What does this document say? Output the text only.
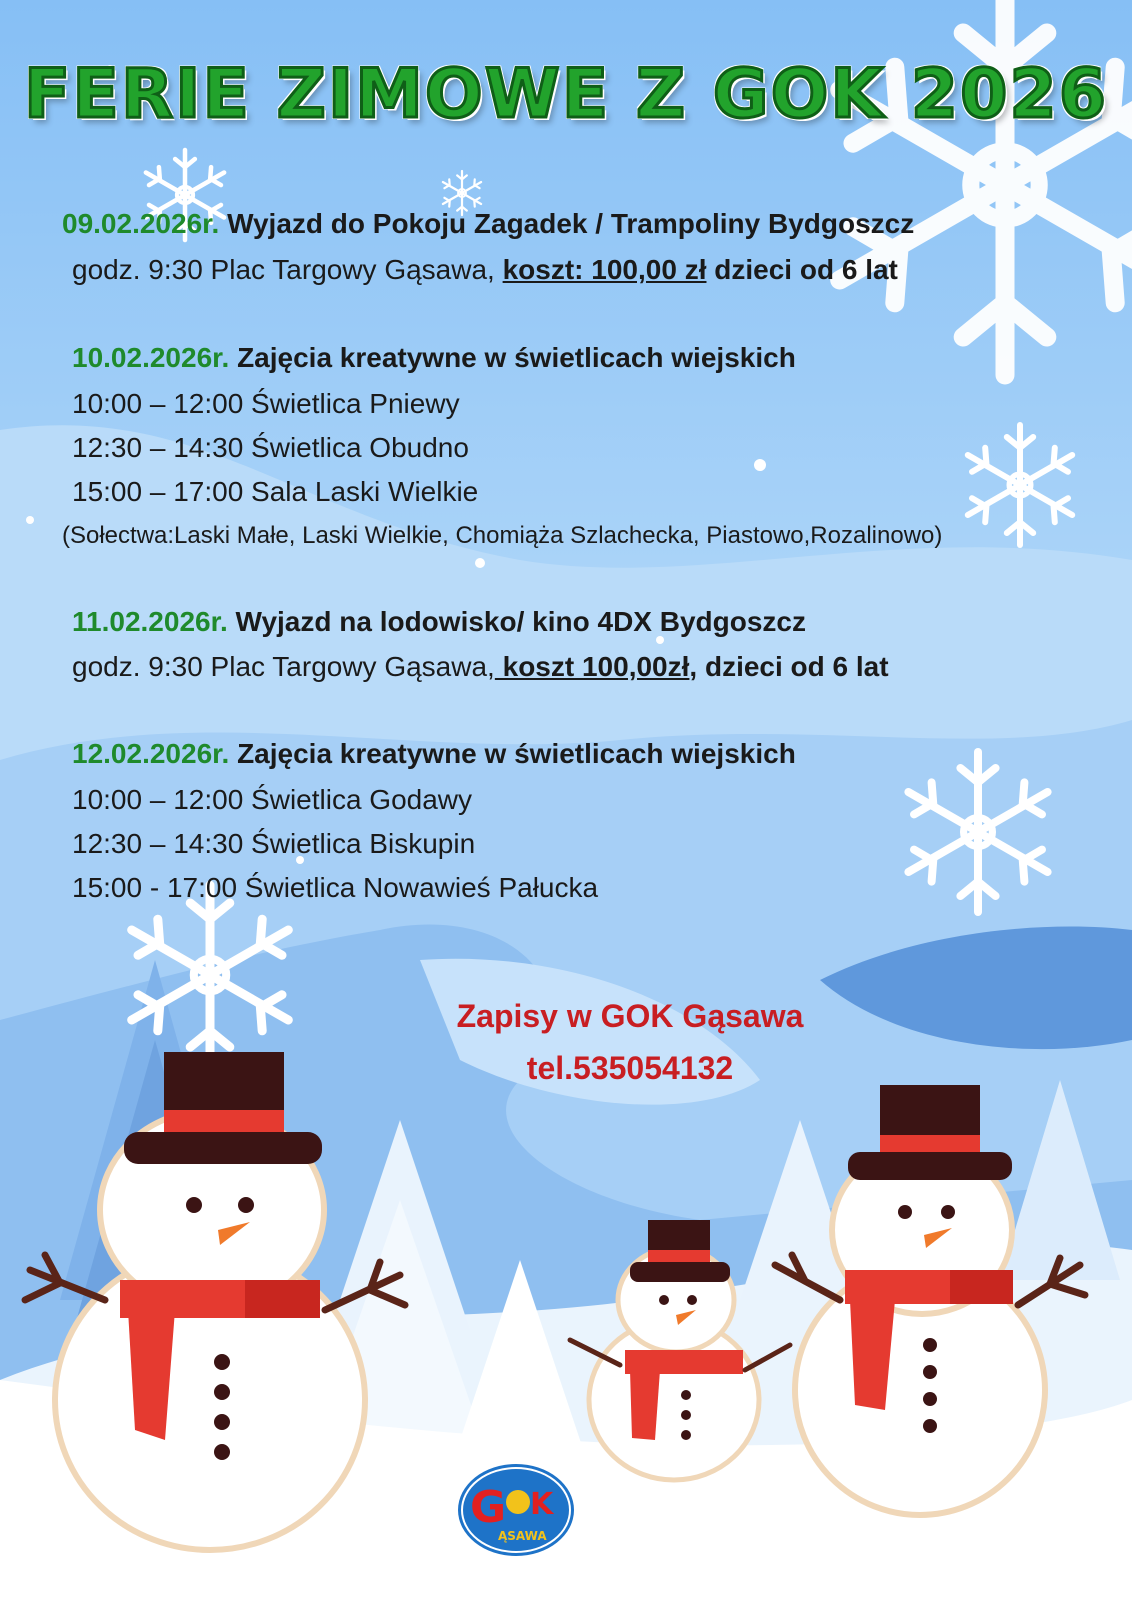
FERIE ZIMOWE Z GOK 2026
09.02.2026r. Wyjazd do Pokoju Zagadek / Trampoliny Bydgoszcz
godz. 9:30 Plac Targowy Gąsawa, koszt: 100,00 zł dzieci od 6 lat
10.02.2026r. Zajęcia kreatywne w świetlicach wiejskich
10:00 – 12:00 Świetlica Pniewy
12:30 – 14:30 Świetlica Obudno
15:00 – 17:00 Sala Laski Wielkie
(Sołectwa:Laski Małe, Laski Wielkie, Chomiąża Szlachecka, Piastowo,Rozalinowo)
11.02.2026r. Wyjazd na lodowisko/ kino 4DX Bydgoszcz
godz. 9:30 Plac Targowy Gąsawa, koszt 100,00zł, dzieci od 6 lat
12.02.2026r. Zajęcia kreatywne w świetlicach wiejskich
10:00 – 12:00 Świetlica Godawy
12:30 – 14:30 Świetlica Biskupin
15:00 - 17:00 Świetlica Nowawieś Pałucka
Zapisy w GOK Gąsawa
tel.535054132
G K
ĄSAWA
